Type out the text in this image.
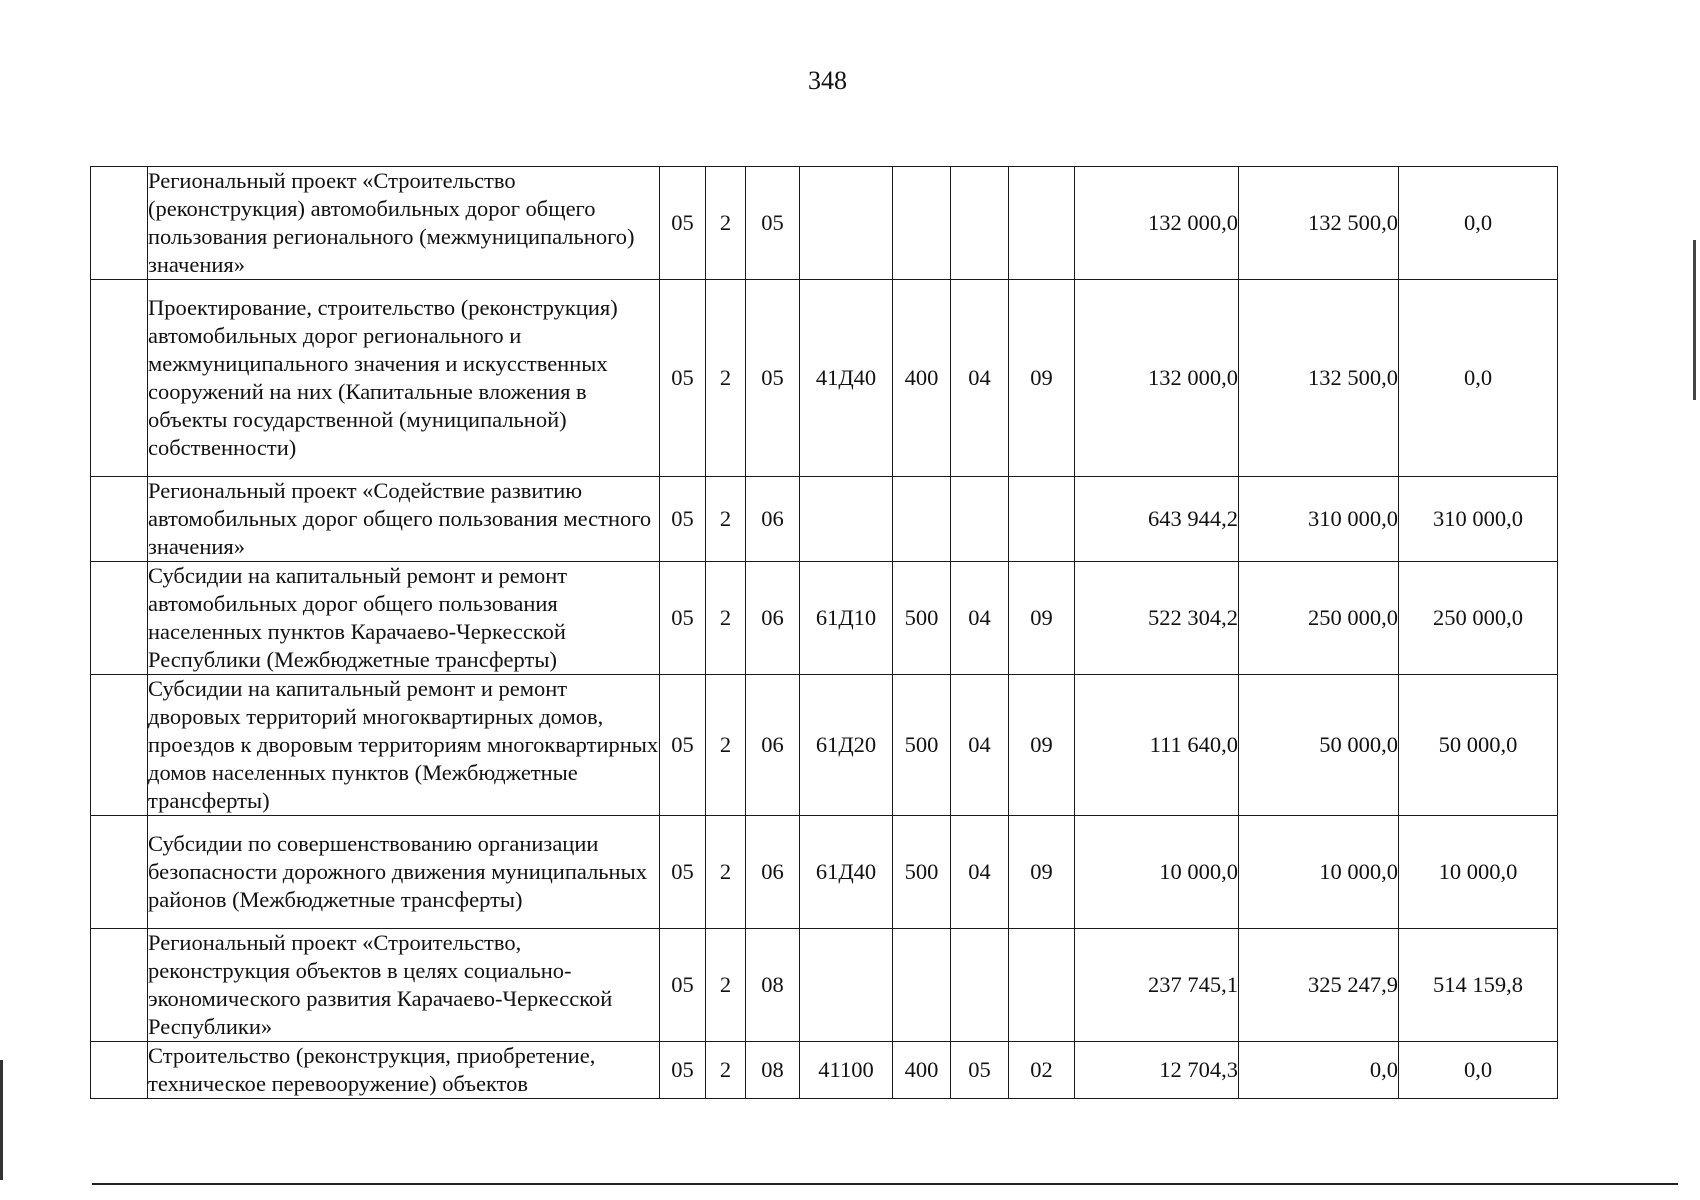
348
	Региональный проект «Строительство (реконструкция) автомобильных дорог общего пользования регионального (межмуниципального) значения»	05	2	05					132 000,0	132 500,0	0,0
	Проектирование, строительство (реконструкция) автомобильных дорог регионального и межмуниципального значения и искусственных сооружений на них (Капитальные вложения в объекты государственной (муниципальной) собственности)	05	2	05	41Д40	400	04	09	132 000,0	132 500,0	0,0
	Региональный проект «Содействие развитию автомобильных дорог общего пользования местного значения»	05	2	06					643 944,2	310 000,0	310 000,0
	Субсидии на капитальный ремонт и ремонт автомобильных дорог общего пользования населенных пунктов Карачаево-Черкесской Республики (Межбюджетные трансферты)	05	2	06	61Д10	500	04	09	522 304,2	250 000,0	250 000,0
	Субсидии на капитальный ремонт и ремонт дворовых территорий многоквартирных домов, проездов к дворовым территориям многоквартирных домов населенных пунктов (Межбюджетные трансферты)	05	2	06	61Д20	500	04	09	111 640,0	50 000,0	50 000,0
	Субсидии по совершенствованию организации безопасности дорожного движения муниципальных районов (Межбюджетные трансферты)	05	2	06	61Д40	500	04	09	10 000,0	10 000,0	10 000,0
	Региональный проект «Строительство, реконструкция объектов в целях социально-экономического развития Карачаево-Черкесской Республики»	05	2	08					237 745,1	325 247,9	514 159,8
	Строительство (реконструкция, приобретение, техническое перевооружение) объектов	05	2	08	41100	400	05	02	12 704,3	0,0	0,0
